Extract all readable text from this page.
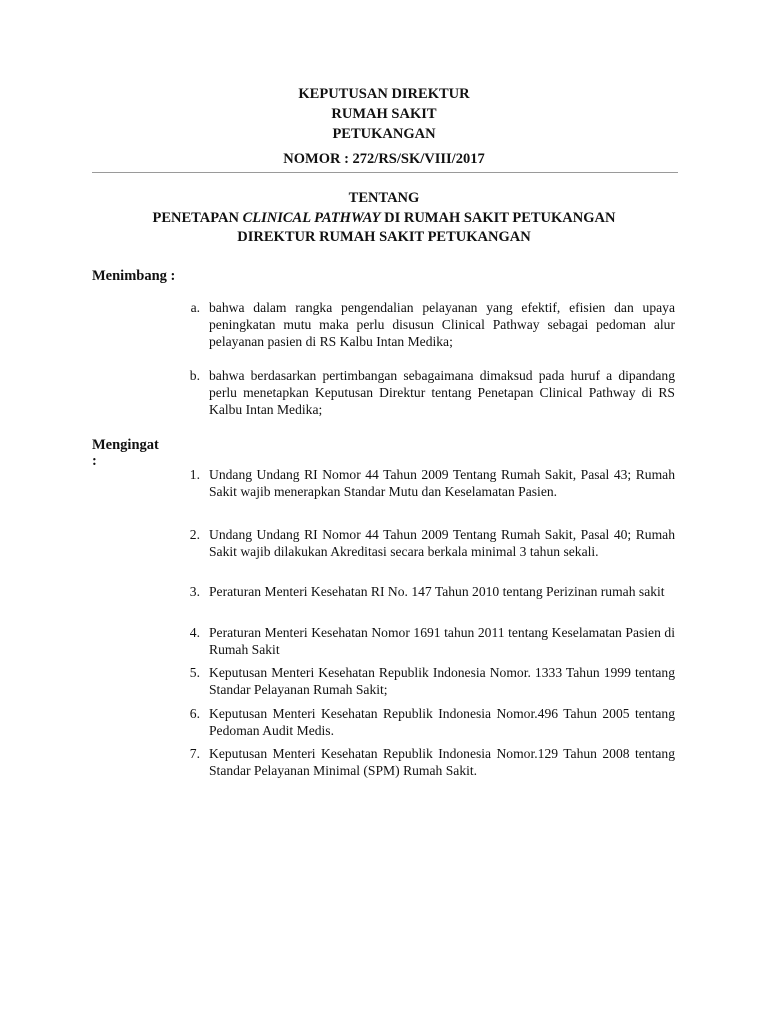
KEPUTUSAN DIREKTUR
RUMAH SAKIT
PETUKANGAN
NOMOR : 272/RS/SK/VIII/2017
TENTANG
PENETAPAN CLINICAL PATHWAY DI RUMAH SAKIT PETUKANGAN
DIREKTUR RUMAH SAKIT PETUKANGAN
Menimbang :
a. bahwa dalam rangka pengendalian pelayanan yang efektif, efisien dan upaya peningkatan mutu maka perlu disusun Clinical Pathway sebagai pedoman alur pelayanan pasien di RS Kalbu Intan Medika;
b. bahwa berdasarkan pertimbangan sebagaimana dimaksud pada huruf a dipandang perlu menetapkan Keputusan Direktur tentang Penetapan Clinical Pathway di RS Kalbu Intan Medika;
Mengingat
:
1. Undang Undang RI Nomor 44 Tahun 2009 Tentang Rumah Sakit, Pasal 43; Rumah Sakit wajib menerapkan Standar Mutu dan Keselamatan Pasien.
2. Undang Undang RI Nomor 44 Tahun 2009 Tentang Rumah Sakit, Pasal 40; Rumah Sakit wajib dilakukan Akreditasi secara berkala minimal 3 tahun sekali.
3. Peraturan Menteri Kesehatan RI No. 147 Tahun 2010 tentang Perizinan rumah sakit
4. Peraturan Menteri Kesehatan Nomor 1691 tahun 2011 tentang Keselamatan Pasien di Rumah Sakit
5. Keputusan Menteri Kesehatan Republik Indonesia Nomor. 1333 Tahun 1999 tentang Standar Pelayanan Rumah Sakit;
6. Keputusan Menteri Kesehatan Republik Indonesia Nomor.496 Tahun 2005 tentang Pedoman Audit Medis.
7. Keputusan Menteri Kesehatan Republik Indonesia Nomor.129 Tahun 2008 tentang Standar Pelayanan Minimal (SPM) Rumah Sakit.
